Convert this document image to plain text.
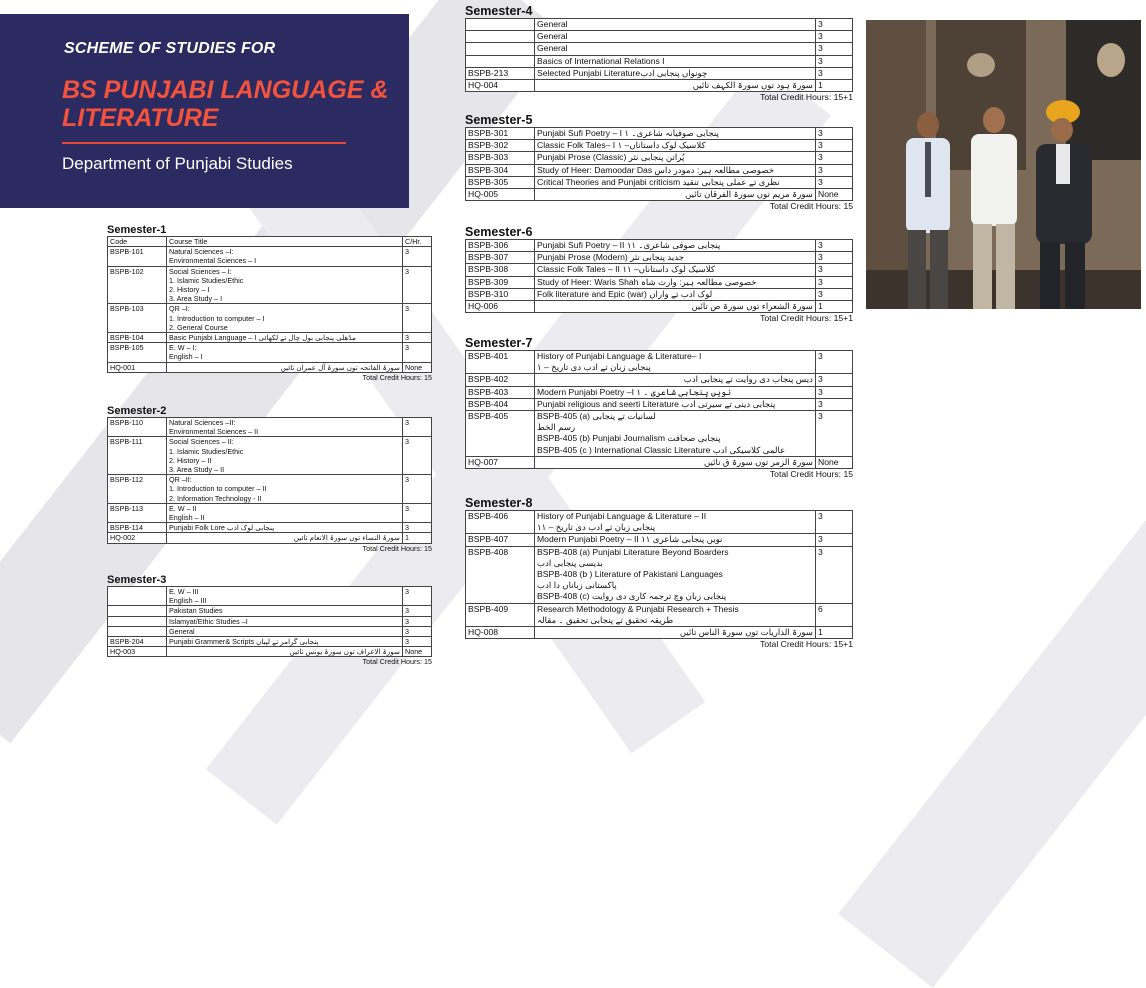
SCHEME OF STUDIES FOR
BS PUNJABI LANGUAGE & LITERATURE
Department of Punjabi Studies
Semester-1
Code	Course Title	C/Hr.
BSPB-101	Natural Sciences –I:
Environmental Sciences – I	3
BSPB-102	Social Sciences – I:
1. Islamic Studies/Ethic
2. History – I
3. Area Study – I	3
BSPB-103	QR –I:
1. Introduction to computer – I
2. General Course	3
BSPB-104	Basic Punjabi Language – I مڈھلی پنجابی بول چال تے لکھائی	3
BSPB-105	E. W – I:
English – I	3
HQ-001	سورۃ الفاتحہ توں سورۃ آل عمران تائیں	None
Total Credit Hours: 15
Semester-2
BSPB-110	Natural Sciences –II:
Environmental Sciences – II	3
BSPB-111	Social Sciences – II:
1. Islamic Studies/Ethic
2. History – II
3. Area Study – II	3
BSPB-112	QR –II:
1. Introduction to computer – II
2. Information Technology - II	3
BSPB-113	E. W – II
English – II	3
BSPB-114	Punjabi Folk Lore پنجابی لوک ادب	3
HQ-002	سورۃ النساء توں سورۃ الانعام تائیں	1
Total Credit Hours: 15
Semester-3
	E. W – III
English – III	3
	Pakistan Studies	3
	Islamyat/Ethic Studies –I	3
	General	3
BSPB-204	Punjabi Grammer& Scripts پنجابی گرامر تے لپیاں	3
HQ-003	سورۃ الاعراف توں سورۃ یونس تائیں	None
Total Credit Hours: 15
Semester-4
	General	3
	General	3
	General	3
	Basics of International Relations I	3
BSPB-213	Selected Punjabi Literatureچونواں پنجابی ادب	3
HQ-004	سورۃ ہود توں سورۃ الکہف تائیں	1
Total Credit Hours: 15+1
Semester-5
BSPB-301	Punjabi Sufi Poetry – I پنجابی صوفیانہ شاعری۔ ۱	3
BSPB-302	Classic Folk Tales– I کلاسیک لوک داستاناں– ۱	3
BSPB-303	Punjabi Prose (Classic) پُراتن پنجابی نثر	3
BSPB-304	Study of Heer: Damoodar Das خصوصی مطالعہ ہیر: دمودر داس	3
BSPB-305	Critical Theories and Punjabi criticism نظری تے عملی پنجابی تنقید	3
HQ-005	سورۃ مریم توں سورۃ الفرقان تائیں	None
Total Credit Hours: 15
Semester-6
BSPB-306	Punjabi Sufi Poetry – II پنجابی صوفی شاعری۔ ۱۱	3
BSPB-307	Punjabi Prose (Modern) جدید پنجابی نثر	3
BSPB-308	Classic Folk Tales – II کلاسیک لوک داستاناں– ۱۱	3
BSPB-309	Study of Heer: Waris Shah خصوصی مطالعہ ہیر: وارث شاہ	3
BSPB-310	Folk literature and Epic (war) لوک ادب تے واراں	3
HQ-006	سورۃ الشعراء توں سورۃ ص تائیں	1
Total Credit Hours: 15+1
Semester-7
BSPB-401	History of Punjabi Language & Literature– I
پنجابی زبان تے ادب دی تاریخ – ۱	3
BSPB-402	دیس پنجاب دی روایت تے پنجابی ادب	3
BSPB-403	Modern Punjabi Poetry –I نویں پنجابی شاعری ۔ ۱	3
BSPB-404	Punjabi religious and seerti Literature پنجابی دینی تے سیرتی ادب	3
BSPB-405	BSPB-405 (a) لسانیات تے پنجابی
رسم الخط
BSPB-405 (b) Punjabi Journalism پنجابی صحافت
BSPB-405 (c ) International Classic Literature عالمی کلاسیکی ادب	3
HQ-007	سورۃ الزمر توں سورۃ ق تائیں	None
Total Credit Hours: 15
Semester-8
BSPB-406	History of Punjabi Language & Literature – II
پنجابی زبان تے ادب دی تاریخ – ۱۱	3
BSPB-407	Modern Punjabi Poetry – II نویں پنجابی شاعری ۱۱	3
BSPB-408	BSPB-408 (a) Punjabi Literature Beyond Boarders
بدیسی پنجابی ادب
BSPB-408 (b ) Literature of Pakistani Languages
پاکستانی زباناں دا ادب
BSPB-408 (c) پنجابی زبان وچ ترجمہ کاری دی روایت	3
BSPB-409	Research Methodology & Punjabi Research + Thesis
طریقہ تحقیق تے پنجابی تحقیق ۔ مقالہ	6
HQ-008	سورۃ الذاریات توں سورۃ الناس تائیں	1
Total Credit Hours: 15+1
